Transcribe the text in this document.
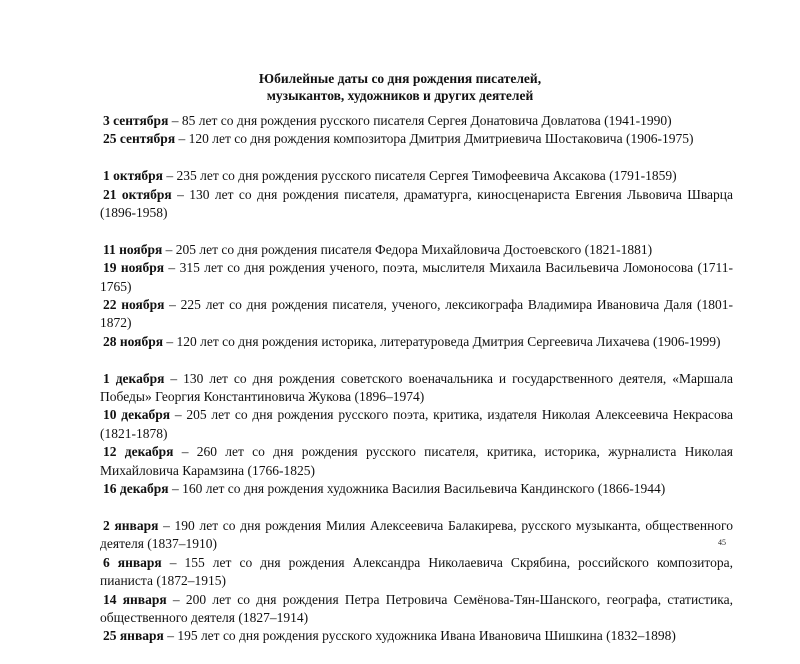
Юбилейные даты со дня рождения писателей,
музыкантов, художников и других деятелей
3 сентября – 85 лет со дня рождения русского писателя Сергея Донатовича Довлатова (1941-1990)
25 сентября – 120 лет со дня рождения композитора Дмитрия Дмитриевича Шостаковича (1906-1975)
1 октября – 235 лет со дня рождения русского писателя Сергея Тимофеевича Аксакова (1791-1859)
21 октября – 130 лет со дня рождения писателя, драматурга, киносценариста Евгения Львовича Шварца (1896-1958)
11 ноября – 205 лет со дня рождения писателя Федора Михайловича Достоевского (1821-1881)
19 ноября – 315 лет со дня рождения ученого, поэта, мыслителя Михаила Васильевича Ломоносова (1711-1765)
22 ноября – 225 лет со дня рождения писателя, ученого, лексикографа Владимира Ивановича Даля (1801-1872)
28 ноября – 120 лет со дня рождения историка, литературоведа Дмитрия Сергеевича Лихачева (1906-1999)
1 декабря – 130 лет со дня рождения советского военачальника и государственного деятеля, «Маршала Победы» Георгия Константиновича Жукова (1896–1974)
10 декабря – 205 лет со дня рождения русского поэта, критика, издателя Николая Алексеевича Некрасова (1821-1878)
12 декабря – 260 лет со дня рождения русского писателя, критика, историка, журналиста Николая Михайловича Карамзина (1766-1825)
16 декабря – 160 лет со дня рождения художника Василия Васильевича Кандинского (1866-1944)
2 января – 190 лет со дня рождения Милия Алексеевича Балакирева, русского музыканта, общественного деятеля (1837–1910)
6 января – 155 лет со дня рождения Александра Николаевича Скрябина, российского композитора, пианиста (1872–1915)
14 января – 200 лет со дня рождения Петра Петровича Семёнова-Тян-Шанского, географа, статистика, общественного деятеля (1827–1914)
25 января – 195 лет со дня рождения русского художника Ивана Ивановича Шишкина (1832–1898)
45
